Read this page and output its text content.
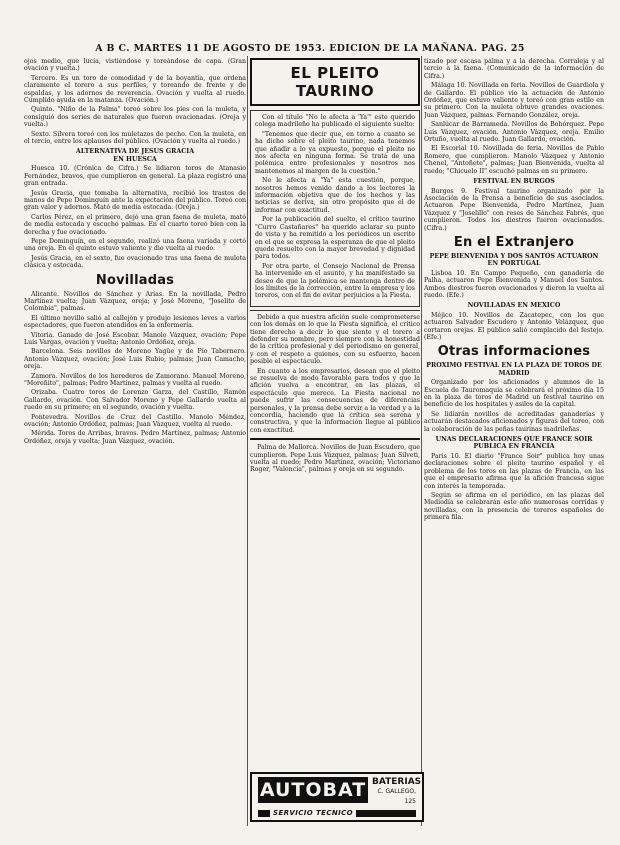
A B C. MARTES 11 DE AGOSTO DE 1953. EDICION DE LA MAÑANA. PAG. 25

ojos medio, que lucía, vistiéndose y toreándose de capa. (Gran ovación y vuelta.)

Tercero. Es un toro de comodidad y de la boyantía, que ordena claramente el torero a sus perfiles, y toreando de frente y de espaldas, y los adornos de reverencia. Ovación y vuelta al ruedo. Cumplido ayuda en la matanza. (Ovación.)

Quinto. "Niño de la Palma" toreó sobre los pies con la muleta, y consiguió dos series de naturales que fueron ovacionadas. (Oreja y vuelta.)

Sexto. Silvera toreó con los muletazos de pecho. Con la muleta, en el tercio, entre los aplausos del público. (Ovación y vuelta al ruedo.)

ALTERNATIVA DE JESUS GRACIA
EN HUESCA

Huesca 10. (Crónica de Cifra.) Se lidiaron toros de Atanasio Fernández, bravos, que cumplieron en general. La plaza registró una gran entrada.

Jesús Gracia, que tomaba la alternativa, recibió los trastos de manos de Pepe Dominguín ante la expectación del público. Toreó con gran valor y adornos. Mató de media estocada. (Oreja.)

Carlos Pérez, en el primero, dejó una gran faena de muleta, mató de media estocada y escuchó palmas. En el cuarto toreó bien con la derecha y fue ovacionado.

Pepe Dominguín, en el segundo, realizó una faena variada y cortó una oreja. En el quinto estuvo valiente y dio vuelta al ruedo.

Jesús Gracia, en el sexto, fue ovacionado tras una faena de muleta clásica y estocada.

Novilladas

Alicante. Novillos de Sánchez y Arias. En la novillada, Pedro Martínez vuelta; Juan Vázquez, oreja; y José Moreno, "Joselito de Colombia", palmas.

El último novillo salió al callejón y produjo lesiones leves a varios espectadores, que fueron atendidos en la enfermería.

Vitoria. Ganado de José Escobar. Manolo Vázquez, ovación; Pepe Luis Vargas, ovación y vuelta; Antonio Ordóñez, oreja.

Barcelona. Seis novillos de Moreno Yagüe y de Pío Tabernero. Antonio Vázquez, ovación; José Luis Rubio, palmas; Juan Camacho, oreja.

Zamora. Novillos de los herederos de Zamorano. Manuel Moreno, "Moreñito", palmas; Pedro Martínez, palmas y vuelta al ruedo.

Orizaba. Cuatro toros de Lorenzo Garza, del Castillo, Ramón Gallardo, ovación. Con Salvador Moreno y Pepe Gallardo vuelta al ruedo en su primero; en el segundo, ovación y vuelta.

Pontevedra. Novillos de Cruz del Castillo. Manolo Méndez, ovación; Antonio Ordóñez, palmas; Juan Vázquez, vuelta al ruedo.

Mérida. Toros de Arribas, bravos. Pedro Martínez, palmas; Antonio Ordóñez, oreja y vuelta; Juan Vázquez, ovación.

EL PLEITO TAURINO

Con el título "No le afecta a 'Ya'" este querido colega madrileño ha publicado el siguiente suelto:

"Tenemos que decir que, en torno a cuanto se ha dicho sobre el pleito taurino, nada tenemos que añadir a lo ya expuesto, porque el pleito no nos afecta en ninguna forma. Se trata de una polémica entre profesionales y nosotros nos mantenemos al margen de la cuestión."

No le afecta a "Ya" esta cuestión, porque, nosotros hemos venido dando a los lectores la información objetiva que de los hechos y las noticias se deriva, sin otro propósito que el de informar con exactitud.

Por la publicación del suelto, el crítico taurino "Curro Castañares" ha querido aclarar su punto de vista y ha remitido a los periódicos un escrito en el que se expresa la esperanza de que el pleito quede resuelto con la mayor brevedad y dignidad para todos.

Por otra parte, el Consejo Nacional de Prensa ha intervenido en el asunto, y ha manifestado su deseo de que la polémica se mantenga dentro de los límites de la corrección, entre la empresa y los toreros, con el fin de evitar perjuicios a la Fiesta.

Debido a que nuestra afición suele comprometerse con los demás en lo que la Fiesta significa, el crítico tiene derecho a decir lo que siente y el torero a defender su nombre, pero siempre con la honestidad de la crítica profesional y del periodismo en general, y con el respeto a quienes, con su esfuerzo, hacen posible el espectáculo.

En cuanto a los empresarios, desean que el pleito se resuelva de modo favorable para todos y que la afición vuelva a encontrar, en las plazas, el espectáculo que merece. La Fiesta nacional no puede sufrir las consecuencias de diferencias personales, y la prensa debe servir a la verdad y a la concordia, haciendo que la crítica sea serena y constructiva, y que la información llegue al público con exactitud.

Palma de Mallorca. Novillos de Juan Escudero, que cumplieron. Pepe Luis Vázquez, palmas; Juan Silveti, vuelta al ruedo; Pedro Martínez, ovación; Victoriano Roger, "Valencia", palmas y oreja en su segundo.

AUTOBAT BATERIAS
C. GALLEGO, 125
SERVICIO TECNICO

tizado por escasa palma y a la derecha. Corraleja y al tercio a la faena. (Comunicado de la información de Cifra.)

Málaga 10. Novillada en feria. Novillos de Guardiola y de Gallardo. El público vio la actuación de Antonio Ordóñez, que estuvo valiente y toreó con gran estilo en su primero. Con la muleta obtuvo grandes ovaciones. Juan Vázquez, palmas. Fernando González, oreja.

Sanlúcar de Barrameda. Novillos de Bohórquez. Pepe Luis Vázquez, ovación. Antonio Vázquez, oreja. Emilio Ortuño, vuelta al ruedo. Juan Gallardo, ovación.

El Escorial 10. Novillada de feria. Novillos de Pablo Romero, que cumplieron. Manolo Vázquez y Antonio Chenel, "Antoñete", palmas; Juan Bienvenida, vuelta al ruedo; "Chicuelo II" escuchó palmas en su primero.

FESTIVAL EN BURGOS

Burgos 9. Festival taurino organizado por la Asociación de la Prensa a beneficio de sus asociados. Actuaron Pepe Bienvenida, Pedro Martínez, Juan Vázquez y "Joselillo" con reses de Sánchez Fabrés, que cumplieron. Todos los diestros fueron ovacionados. (Cifra.)

En el Extranjero
PEPE BIENVENIDA Y DOS SANTOS ACTUARON EN PORTUGAL

Lisboa 10. En Campo Pequeño, con ganadería de Palha, actuaron Pepe Bienvenida y Manuel dos Santos. Ambos diestros fueron ovacionados y dieron la vuelta al ruedo. (Efe.)

NOVILLADAS EN MEXICO

Méjico 10. Novillos de Zacatepec, con los que actuaron Salvador Escudero y Antonio Velázquez, que cortaron orejas. El público salió complacido del festejo. (Efe.)

Otras informaciones
PROXIMO FESTIVAL EN LA PLAZA DE TOROS DE MADRID

Organizado por los aficionados y alumnos de la Escuela de Tauromaquia se celebrará el próximo día 15 en la plaza de toros de Madrid un festival taurino en beneficio de los hospitales y asilos de la capital.

Se lidiarán novillos de acreditadas ganaderías y actuarán destacados aficionados y figuras del toreo, con la colaboración de las peñas taurinas madrileñas.

UNAS DECLARACIONES QUE FRANCE SOIR PUBLICA EN FRANCIA

Paris 10. El diario "France Soir" publica hoy unas declaraciones sobre el pleito taurino español y el problema de los toros en las plazas de Francia, en las que el empresario afirma que la afición francesa sigue con interés la temporada.

Según se afirma en el periódico, en las plazas del Mediodía se celebrarán este año numerosas corridas y novilladas, con la presencia de toreros españoles de primera fila.
